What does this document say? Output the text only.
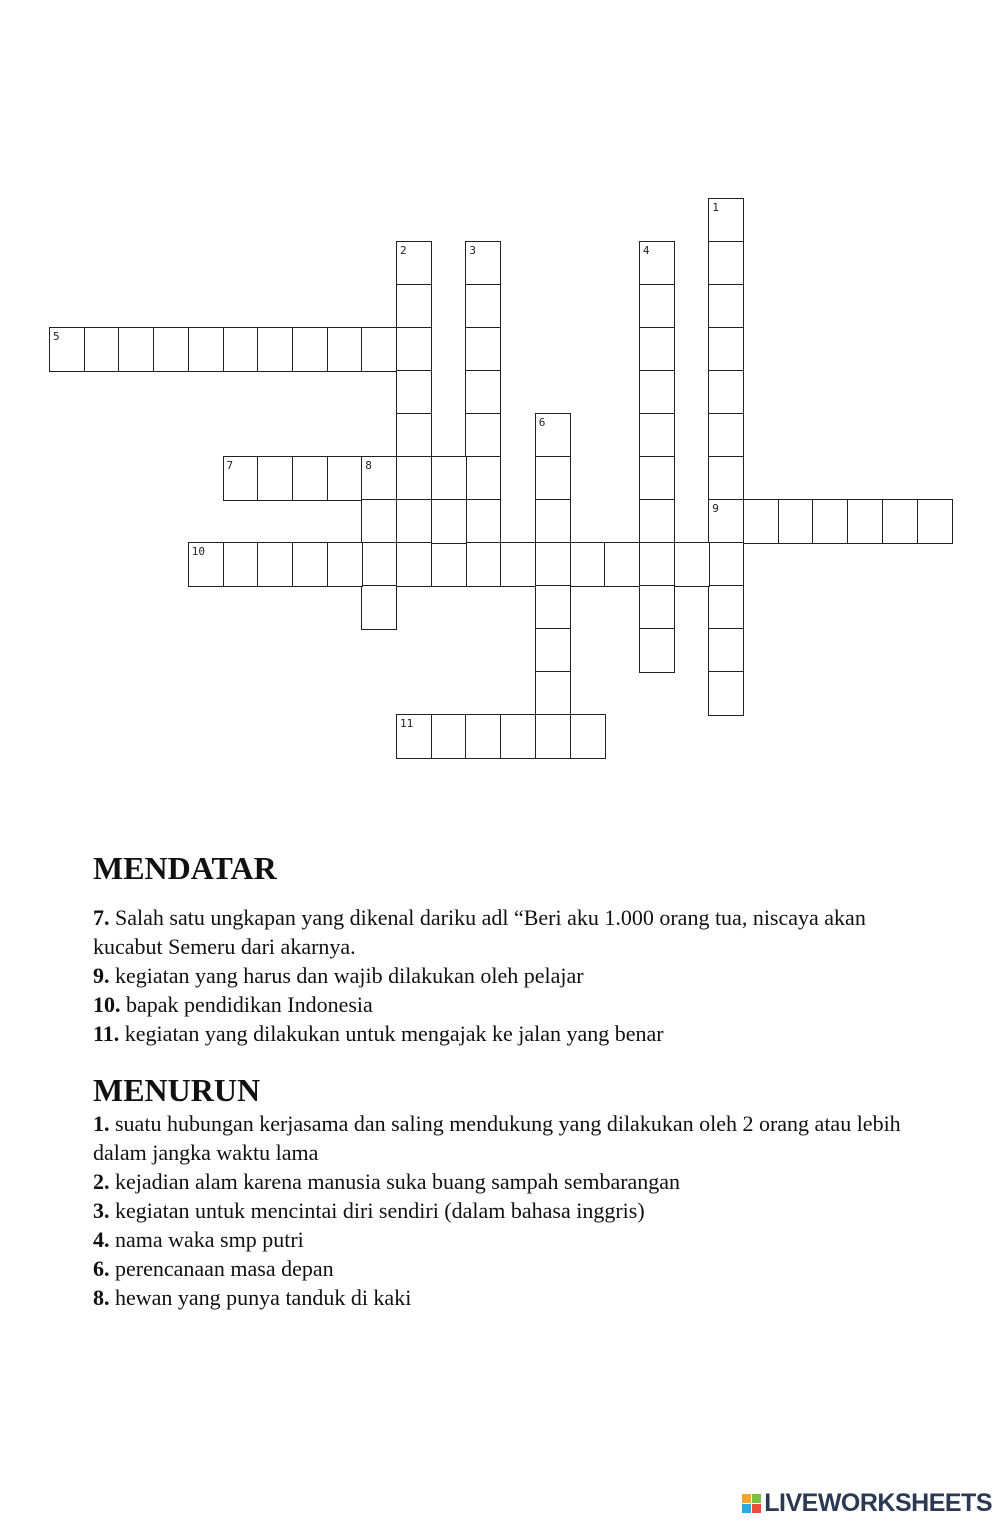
1
9
2	3	4
5
6
7	8
10
11
MENDATAR
7. Salah satu ungkapan yang dikenal dariku adl “Beri aku 1.000 orang tua, niscaya akan kucabut Semeru dari akarnya.
9. kegiatan yang harus dan wajib dilakukan oleh pelajar
10. bapak pendidikan Indonesia
11. kegiatan yang dilakukan untuk mengajak ke jalan yang benar
MENURUN
1. suatu hubungan kerjasama dan saling mendukung yang dilakukan oleh 2 orang atau lebih dalam jangka waktu lama
2. kejadian alam karena manusia suka buang sampah sembarangan
3. kegiatan untuk mencintai diri sendiri (dalam bahasa inggris)
4. nama waka smp putri
6. perencanaan masa depan
8. hewan yang punya tanduk di kaki
LIVEWORKSHEETS
